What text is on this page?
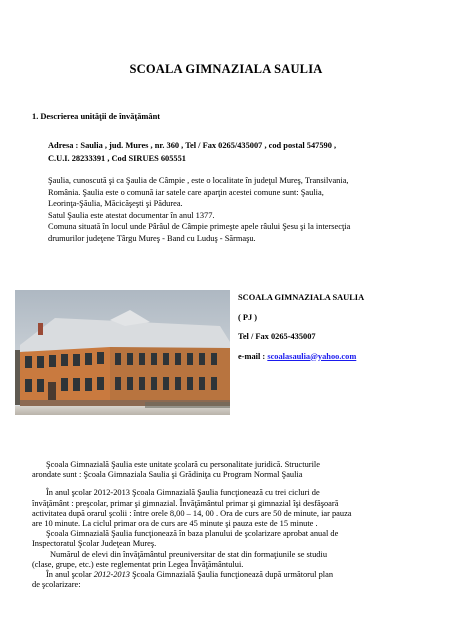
SCOALA GIMNAZIALA SAULIA
1. Descrierea unităţii de învăţământ
Adresa : Saulia , jud. Mures , nr. 360 , Tel / Fax 0265/435007 , cod postal 547590 ,
C.U.I. 28233391 , Cod SIRUES 605551

Şaulia, cunoscută şi ca Şaulia de Câmpie , este o localitate în judeţul Mureş, Transilvania,

România. Şaulia este o comună iar satele care aparţin acestei comune sunt: Şaulia,

Leorinţa-Şăulia, Măcicăşeşti şi Pădurea.

Satul Şaulia este atestat documentar în anul 1377.

Comuna situată în locul unde Pârâul de Câmpie primeşte apele râului Şesu şi la intersecţia

drumurilor judeţene Târgu Mureş - Band cu Luduş - Sărmaşu.

SCOALA GIMNAZIALA SAULIA
( PJ )
Tel / Fax 0265-435007
e-mail : scoalasaulia@yahoo.com

Şcoala Gimnazială Şaulia este unitate şcolară cu personalitate juridică. Structurile

arondate sunt : Şcoala Gimnaziala Saulia şi Grădiniţa cu Program Normal Şaulia

În anul şcolar 2012-2013 Şcoala Gimnazială Şaulia funcţionează cu trei cicluri de

învăţământ : preşcolar, primar şi gimnazial. Învăţământul primar şi gimnazial îşi desfăşoară

activitatea după orarul şcolii : între orele 8,00 – 14, 00 . Ora de curs are 50 de minute, iar pauza

are 10 minute. La ciclul primar ora de curs are 45 minute şi pauza este de 15 minute .

Şcoala Gimnazială Şaulia funcţionează în baza planului de şcolarizare aprobat anual de

Inspectoratul Şcolar Judeţean Mureş.

Numărul de elevi din învăţământul preuniversitar de stat din formaţiunile se studiu

(clase, grupe, etc.) este reglementat prin Legea Învăţământului.

În anul şcolar 2012-2013 Şcoala Gimnazială Şaulia funcţionează după următorul plan

de şcolarizare:
